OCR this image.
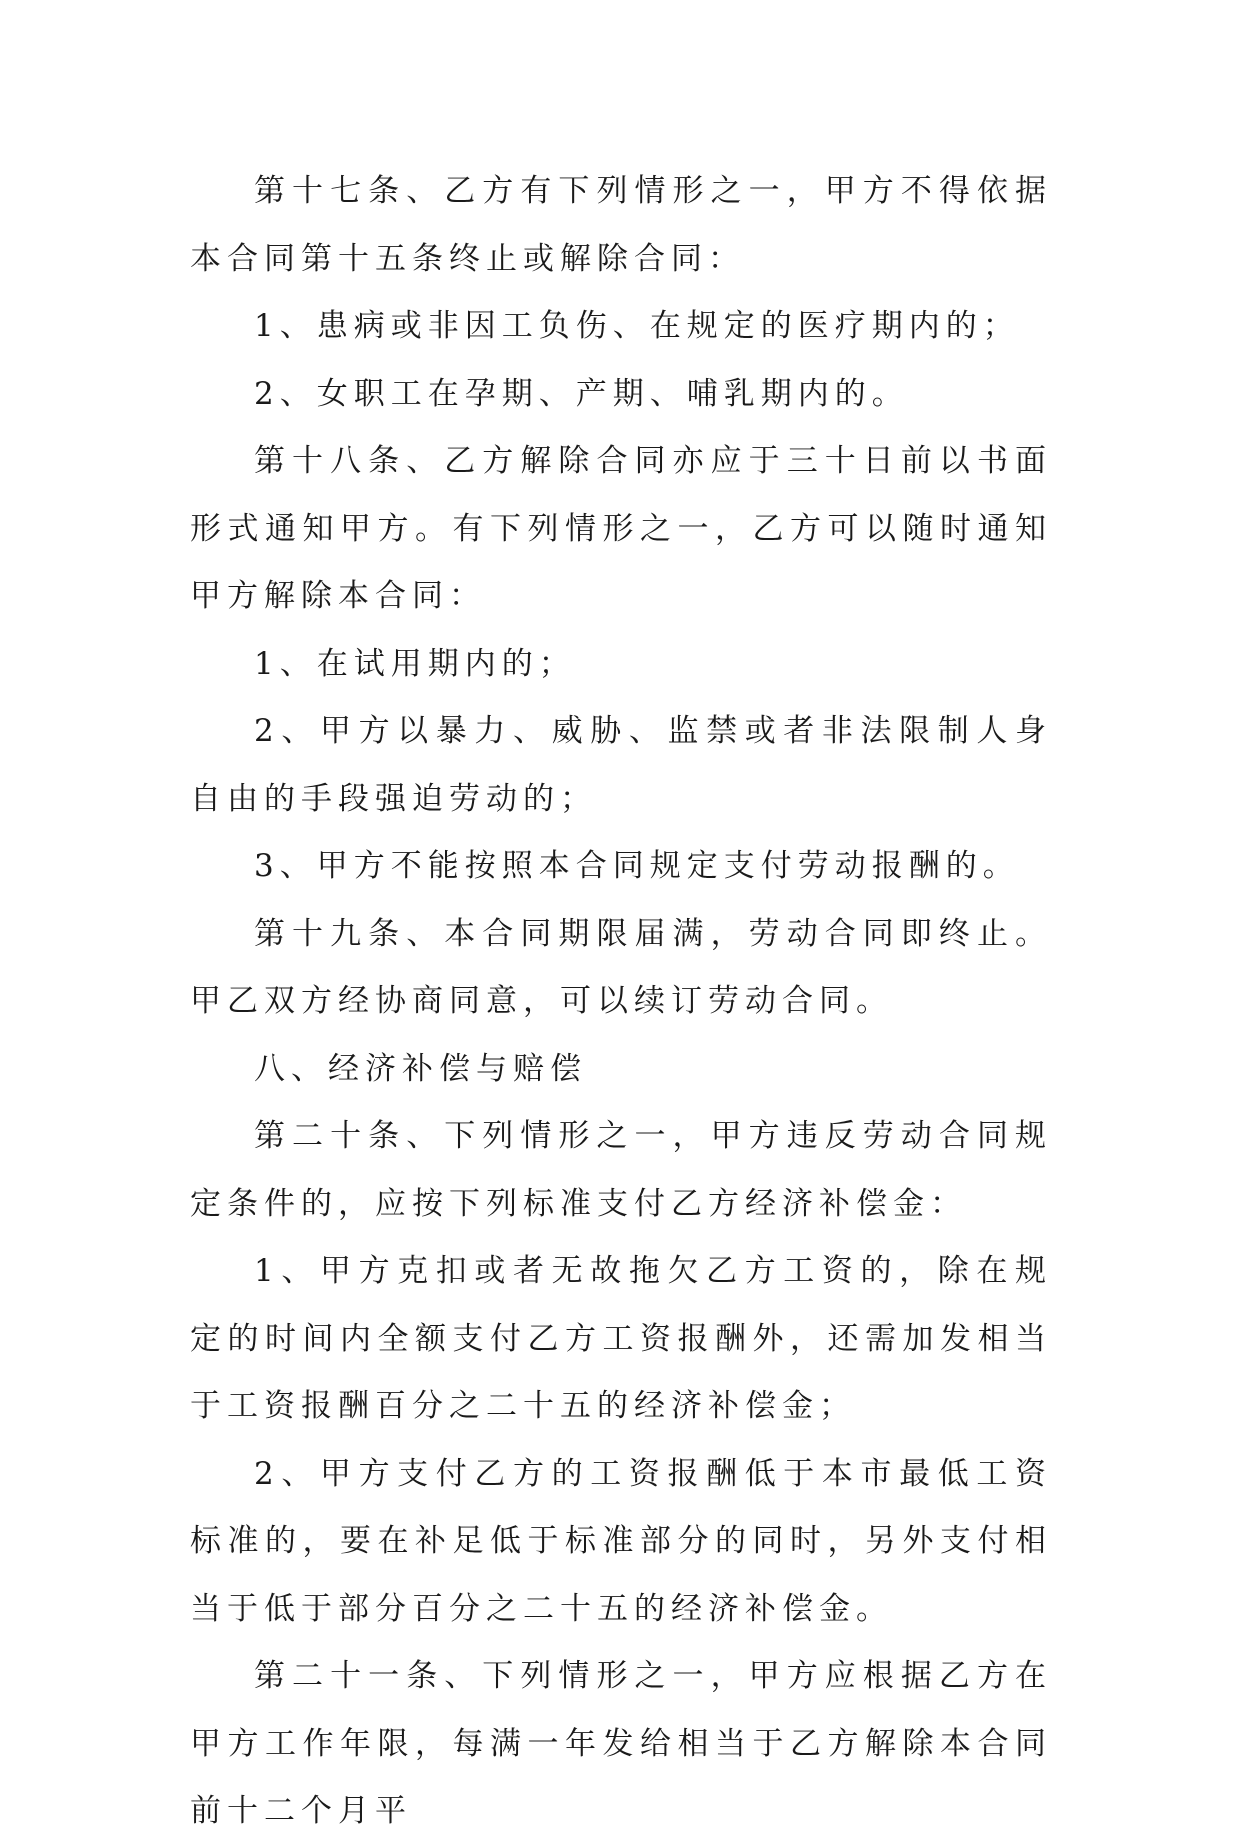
第十七条、乙方有下列情形之一，甲方不得依据本合同第十五条终止或解除合同：

1、患病或非因工负伤、在规定的医疗期内的；

2、女职工在孕期、产期、哺乳期内的。

第十八条、乙方解除合同亦应于三十日前以书面形式通知甲方。有下列情形之一，乙方可以随时通知甲方解除本合同：

1、在试用期内的；

2、甲方以暴力、威胁、监禁或者非法限制人身自由的手段强迫劳动的；

3、甲方不能按照本合同规定支付劳动报酬的。

第十九条、本合同期限届满，劳动合同即终止。甲乙双方经协商同意，可以续订劳动合同。

八、经济补偿与赔偿

第二十条、下列情形之一，甲方违反劳动合同规定条件的，应按下列标准支付乙方经济补偿金：

1、甲方克扣或者无故拖欠乙方工资的，除在规定的时间内全额支付乙方工资报酬外，还需加发相当于工资报酬百分之二十五的经济补偿金；

2、甲方支付乙方的工资报酬低于本市最低工资标准的，要在补足低于标准部分的同时，另外支付相当于低于部分百分之二十五的经济补偿金。

第二十一条、下列情形之一，甲方应根据乙方在甲方工作年限，每满一年发给相当于乙方解除本合同前十二个月平
